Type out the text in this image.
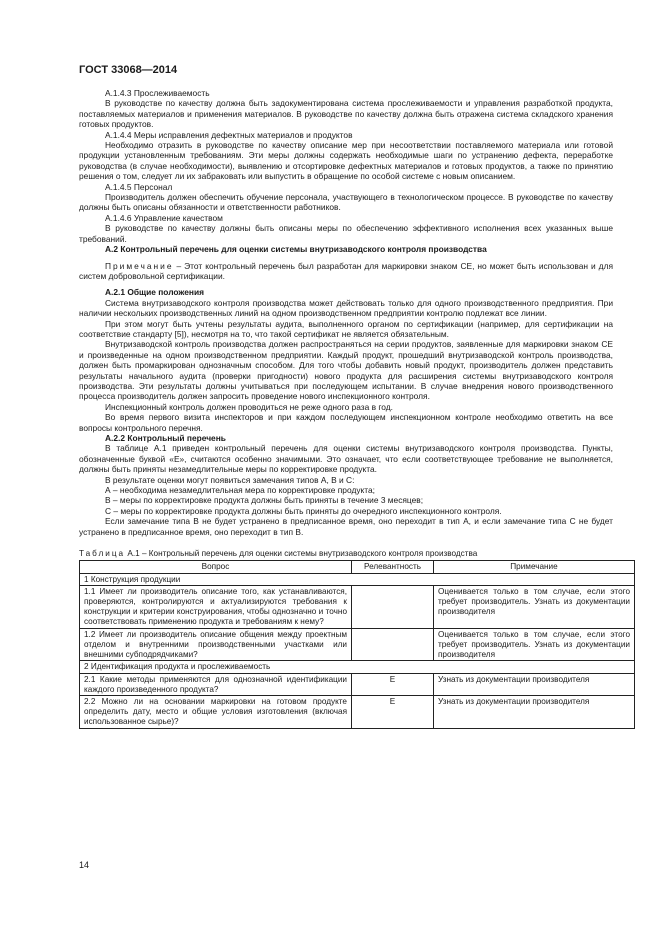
ГОСТ 33068—2014

А.1.4.3 Прослеживаемость

В руководстве по качеству должна быть задокументирована система прослеживаемости и управления разработкой продукта, поставляемых материалов и применения материалов. В руководстве по качеству должна быть отражена система складского хранения готовых продуктов.

А.1.4.4 Меры исправления дефектных материалов и продуктов

Необходимо отразить в руководстве по качеству описание мер при несоответствии поставляемого материала или готовой продукции установленным требованиям. Эти меры должны содержать необходимые шаги по устранению дефекта, переработке руководства (в случае необходимости), выявлению и отсортировке дефектных материалов и готовых продуктов, а также по принятию решения о том, следует ли их забраковать или выпустить в обращение по особой системе с новым описанием.

А.1.4.5 Персонал

Производитель должен обеспечить обучение персонала, участвующего в технологическом процессе. В руководстве по качеству должны быть описаны обязанности и ответственности работников.

А.1.4.6 Управление качеством

В руководстве по качеству должны быть описаны меры по обеспечению эффективного исполнения всех указанных выше требований.

А.2 Контрольный перечень для оценки системы внутризаводского контроля производства

Примечание – Этот контрольный перечень был разработан для маркировки знаком СЕ, но может быть использован и для систем добровольной сертификации.

А.2.1 Общие положения

Система внутризаводского контроля производства может действовать только для одного производственного предприятия. При наличии нескольких производственных линий на одном производственном предприятии контролю подлежат все линии.

При этом могут быть учтены результаты аудита, выполненного органом по сертификации (например, для сертификации на соответствие стандарту [5]), несмотря на то, что такой сертификат не является обязательным.

Внутризаводской контроль производства должен распространяться на серии продуктов, заявленные для маркировки знаком СЕ и произведенные на одном производственном предприятии. Каждый продукт, прошедший внутризаводской контроль производства, должен быть промаркирован однозначным способом. Для того чтобы добавить новый продукт, производитель должен представить результаты начального аудита (проверки пригодности) нового продукта для расширения системы внутризаводского контроля производства. Эти результаты должны учитываться при последующем испытании. В случае внедрения нового производственного процесса производитель должен запросить проведение нового инспекционного контроля.

Инспекционный контроль должен проводиться не реже одного раза в год.

Во время первого визита инспекторов и при каждом последующем инспекционном контроле необходимо ответить на все вопросы контрольного перечня.

А.2.2 Контрольный перечень

В таблице А.1 приведен контрольный перечень для оценки системы внутризаводского контроля производства. Пункты, обозначенные буквой «Е», считаются особенно значимыми. Это означает, что если соответствующее требование не выполняется, должны быть приняты незамедлительные меры по корректировке продукта.

В результате оценки могут появиться замечания типов А, В и С:

А – необходима незамедлительная мера по корректировке продукта;

В – меры по корректировке продукта должны быть приняты в течение 3 месяцев;

С – меры по корректировке продукта должны быть приняты до очередного инспекционного контроля.

Если замечание типа В не будет устранено в предписанное время, оно переходит в тип А, и если замечание типа С не будет устранено в предписанное время, оно переходит в тип В.

Таблица А.1 – Контрольный перечень для оценки системы внутризаводского контроля производства
Вопрос	Релевантность	Примечание
1 Конструкция продукции		
1.1 Имеет ли производитель описание того, как устанавливаются, проверяются, контролируются и актуализируются требования к конструкции и критерии конструирования, чтобы однозначно и точно соответствовать применению продукта и требованиям к нему?		Оценивается только в том случае, если этого требует производитель. Узнать из документации производителя
1.2 Имеет ли производитель описание общения между проектным отделом и внутренними производственными участками или внешними субподрядчиками?		Оценивается только в том случае, если этого требует производитель. Узнать из документации производителя
2 Идентификация продукта и прослеживаемость		
2.1 Какие методы применяются для однозначной идентификации каждого произведенного продукта?	Е	Узнать из документации производителя
2.2 Можно ли на основании маркировки на готовом продукте определить дату, место и общие условия изготовления (включая использованное сырье)?	Е	Узнать из документации производителя
14
